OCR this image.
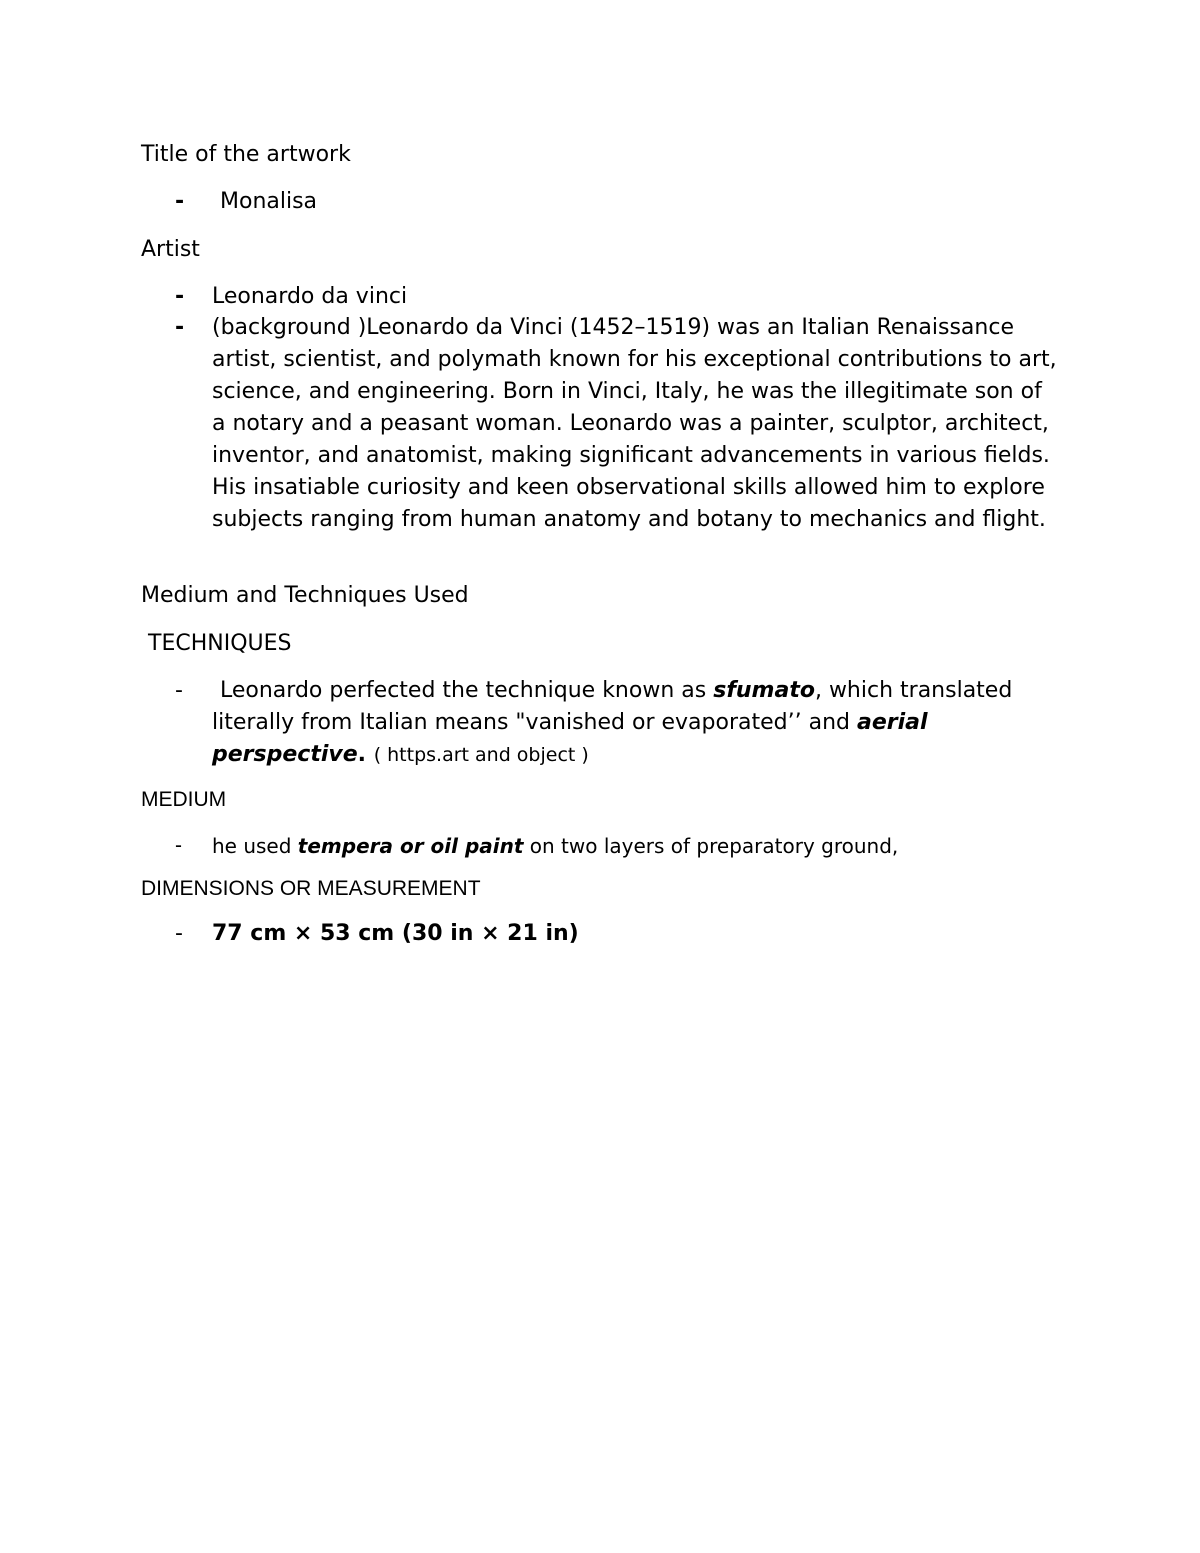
Title of the artwork
- Monalisa
Artist
- Leonardo da vinci
- (background )Leonardo da Vinci (1452–1519) was an Italian Renaissance artist, scientist, and polymath known for his exceptional contributions to art, science, and engineering. Born in Vinci, Italy, he was the illegitimate son of a notary and a peasant woman. Leonardo was a painter, sculptor, architect, inventor, and anatomist, making significant advancements in various fields. His insatiable curiosity and keen observational skills allowed him to explore subjects ranging from human anatomy and botany to mechanics and flight.
Medium and Techniques Used
TECHNIQUES
-	Leonardo perfected the technique known as sfumato, which translated literally from Italian means "vanished or evaporated’’ and aerial perspective. ( https.art and object )
MEDIUM
- he used tempera or oil paint on two layers of preparatory ground,
DIMENSIONS OR MEASUREMENT
- 77 cm × 53 cm (30 in × 21 in)
